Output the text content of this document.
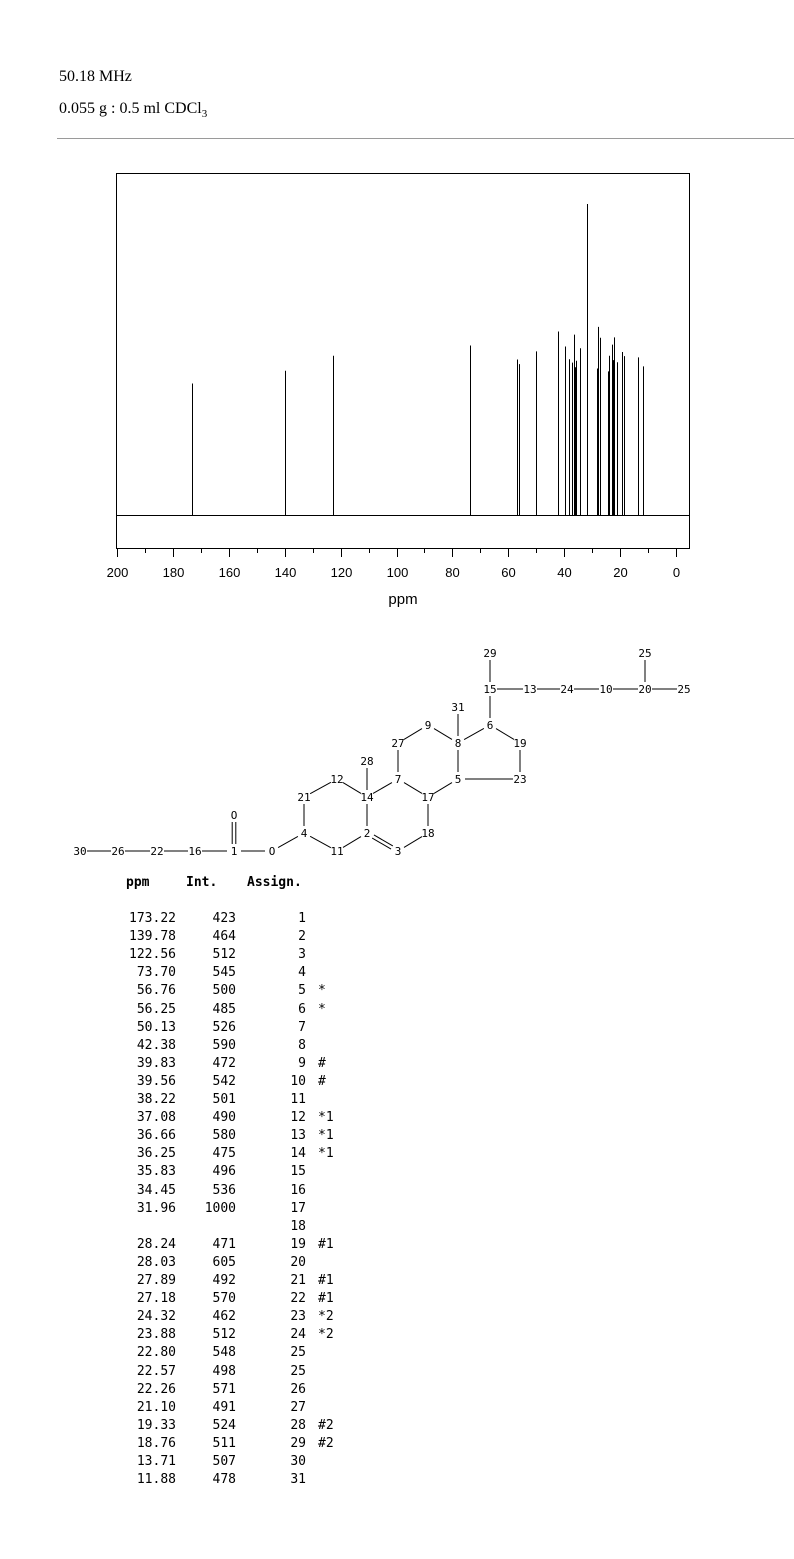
50.18 MHz
0.055 g : 0.5 ml CDCl$_3$
200	180	160	140	120	100	80	60	40	20	0
ppm
30 26 22 16	1
O
O
4
21
12
14
11
2
3
28
7
27
17
18
9
8
31
5
6
19
23
15
29
13 24 10 20
25
25
ppm	Int. Assign.
173.22	423	1
139.78	464	2
122.56	512	3
73.70	545	4
56.76	500	5 *
56.25	485	6 *
50.13	526	7
42.38	590	8
39.83	472	9 #
39.56	542	10 #
38.22	501	11
37.08	490	12 *1
36.66	580	13 *1
36.25	475	14 *1
35.83	496	15
34.45	536	16
31.96 1000	17
18
28.24	471	19 #1
28.03	605	20
27.89	492	21 #1
27.18	570	22 #1
24.32	462	23 *2
23.88	512	24 *2
22.80	548	25
22.57	498	25
22.26	571	26
21.10	491	27
19.33	524	28 #2
18.76	511	29 #2
13.71	507	30
11.88	478	31
